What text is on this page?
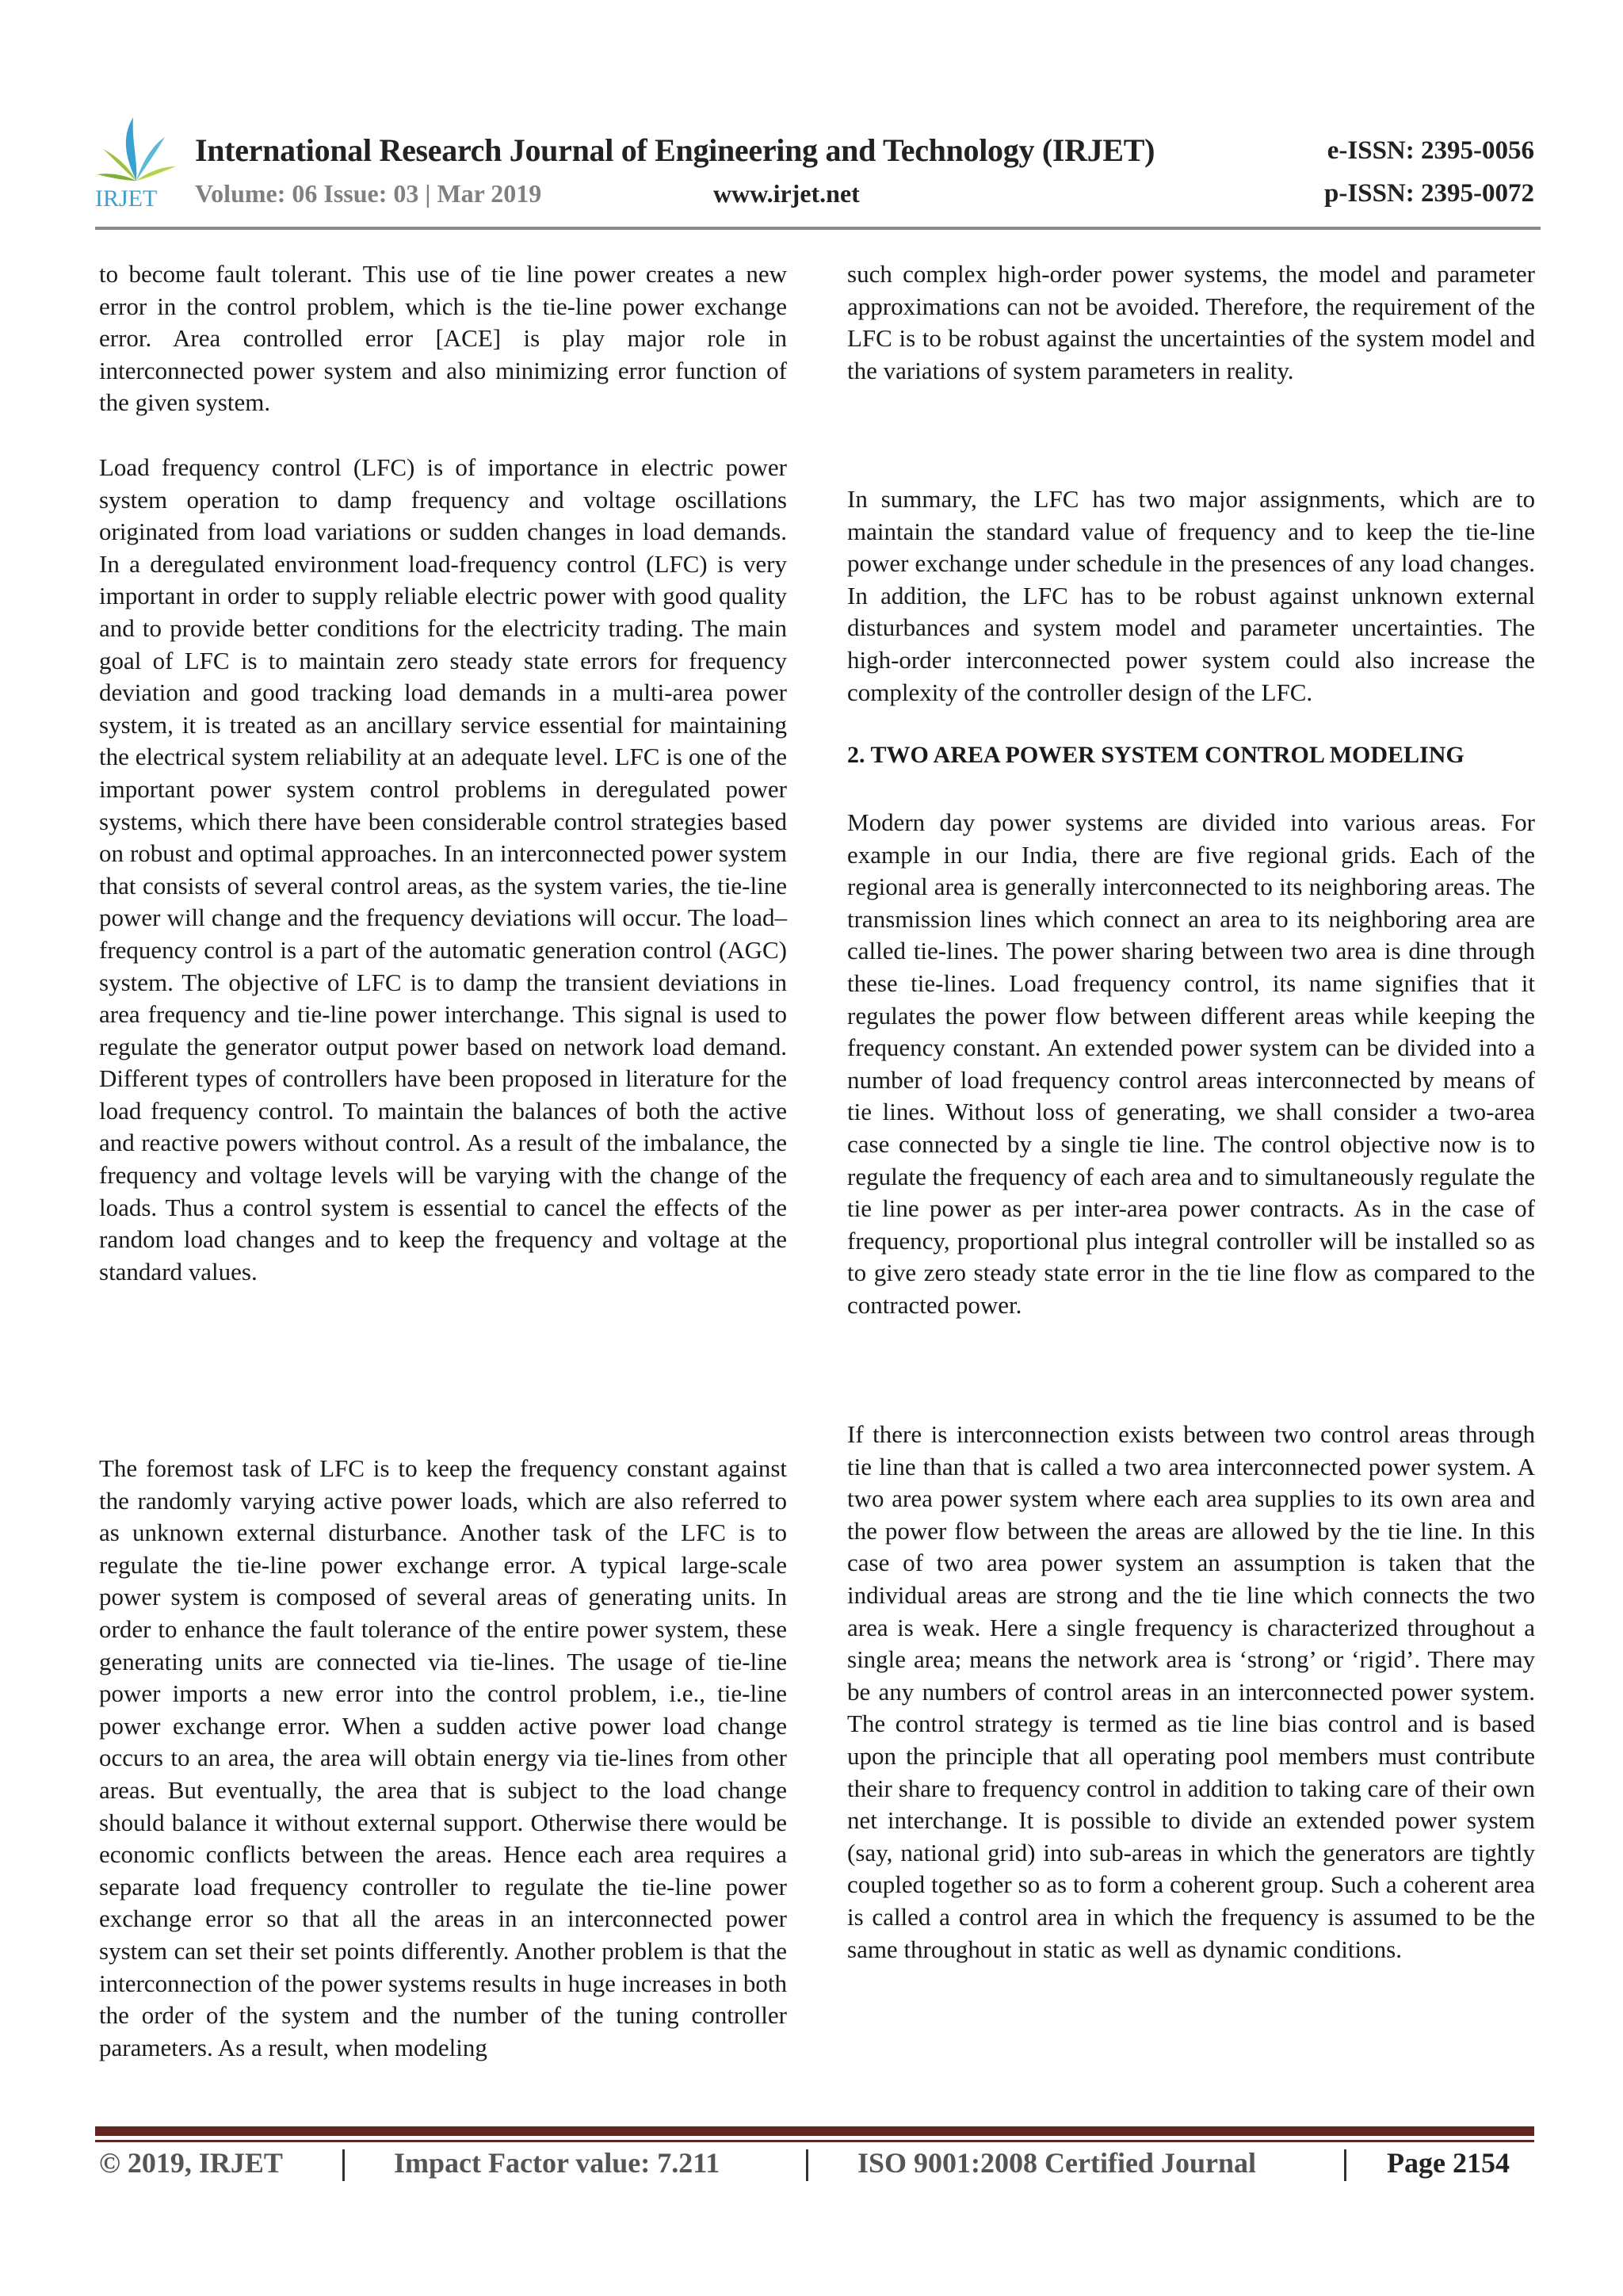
IRJET
International Research Journal of Engineering and Technology (IRJET)	e-ISSN: 2395-0056
Volume: 06 Issue: 03 | Mar 2019	www.irjet.net	p-ISSN: 2395-0072
to become fault tolerant. This use of tie line power creates a new error in the control problem, which is the tie-line power exchange error. Area controlled error [ACE] is play major role in interconnected power system and also minimizing error function of the given system.
Load frequency control (LFC) is of importance in electric power system operation to damp frequency and voltage oscillations originated from load variations or sudden changes in load demands. In a deregulated environment load-frequency control (LFC) is very important in order to supply reliable electric power with good quality and to provide better conditions for the electricity trading. The main goal of LFC is to maintain zero steady state errors for frequency deviation and good tracking load demands in a multi-area power system, it is treated as an ancillary service essential for maintaining the electrical system reliability at an adequate level. LFC is one of the important power system control problems in deregulated power systems, which there have been considerable control strategies based on robust and optimal approaches. In an interconnected power system that consists of several control areas, as the system varies, the tie-line power will change and the frequency deviations will occur. The load–frequency control is a part of the automatic generation control (AGC) system. The objective of LFC is to damp the transient deviations in area frequency and tie-line power interchange. This signal is used to regulate the generator output power based on network load demand. Different types of controllers have been proposed in literature for the load frequency control. To maintain the balances of both the active and reactive powers without control. As a result of the imbalance, the frequency and voltage levels will be varying with the change of the loads. Thus a control system is essential to cancel the effects of the random load changes and to keep the frequency and voltage at the standard values.
The foremost task of LFC is to keep the frequency constant against the randomly varying active power loads, which are also referred to as unknown external disturbance. Another task of the LFC is to regulate the tie-line power exchange error. A typical large-scale power system is composed of several areas of generating units. In order to enhance the fault tolerance of the entire power system, these generating units are connected via tie-lines. The usage of tie-line power imports a new error into the control problem, i.e., tie-line power exchange error. When a sudden active power load change occurs to an area, the area will obtain energy via tie-lines from other areas. But eventually, the area that is subject to the load change should balance it without external support. Otherwise there would be economic conflicts between the areas. Hence each area requires a separate load frequency controller to regulate the tie-line power exchange error so that all the areas in an interconnected power system can set their set points differently. Another problem is that the interconnection of the power systems results in huge increases in both the order of the system and the number of the tuning controller parameters. As a result, when modeling
such complex high-order power systems, the model and parameter approximations can not be avoided. Therefore, the requirement of the LFC is to be robust against the uncertainties of the system model and the variations of system parameters in reality.
In summary, the LFC has two major assignments, which are to maintain the standard value of frequency and to keep the tie-line power exchange under schedule in the presences of any load changes. In addition, the LFC has to be robust against unknown external disturbances and system model and parameter uncertainties. The high-order interconnected power system could also increase the complexity of the controller design of the LFC.
2. TWO AREA POWER SYSTEM CONTROL MODELING
Modern day power systems are divided into various areas. For example in our India, there are five regional grids. Each of the regional area is generally interconnected to its neighboring areas. The transmission lines which connect an area to its neighboring area are called tie-lines. The power sharing between two area is dine through these tie-lines. Load frequency control, its name signifies that it regulates the power flow between different areas while keeping the frequency constant. An extended power system can be divided into a number of load frequency control areas interconnected by means of tie lines. Without loss of generating, we shall consider a two-area case connected by a single tie line. The control objective now is to regulate the frequency of each area and to simultaneously regulate the tie line power as per inter-area power contracts. As in the case of frequency, proportional plus integral controller will be installed so as to give zero steady state error in the tie line flow as compared to the contracted power.
If there is interconnection exists between two control areas through tie line than that is called a two area interconnected power system. A two area power system where each area supplies to its own area and the power flow between the areas are allowed by the tie line. In this case of two area power system an assumption is taken that the individual areas are strong and the tie line which connects the two area is weak. Here a single frequency is characterized throughout a single area; means the network area is ‘strong’ or ‘rigid’. There may be any numbers of control areas in an interconnected power system. The control strategy is termed as tie line bias control and is based upon the principle that all operating pool members must contribute their share to frequency control in addition to taking care of their own net interchange. It is possible to divide an extended power system (say, national grid) into sub-areas in which the generators are tightly coupled together so as to form a coherent group. Such a coherent area is called a control area in which the frequency is assumed to be the same throughout in static as well as dynamic conditions.
© 2019, IRJET	Impact Factor value: 7.211	ISO 9001:2008 Certified Journal	Page 2154
